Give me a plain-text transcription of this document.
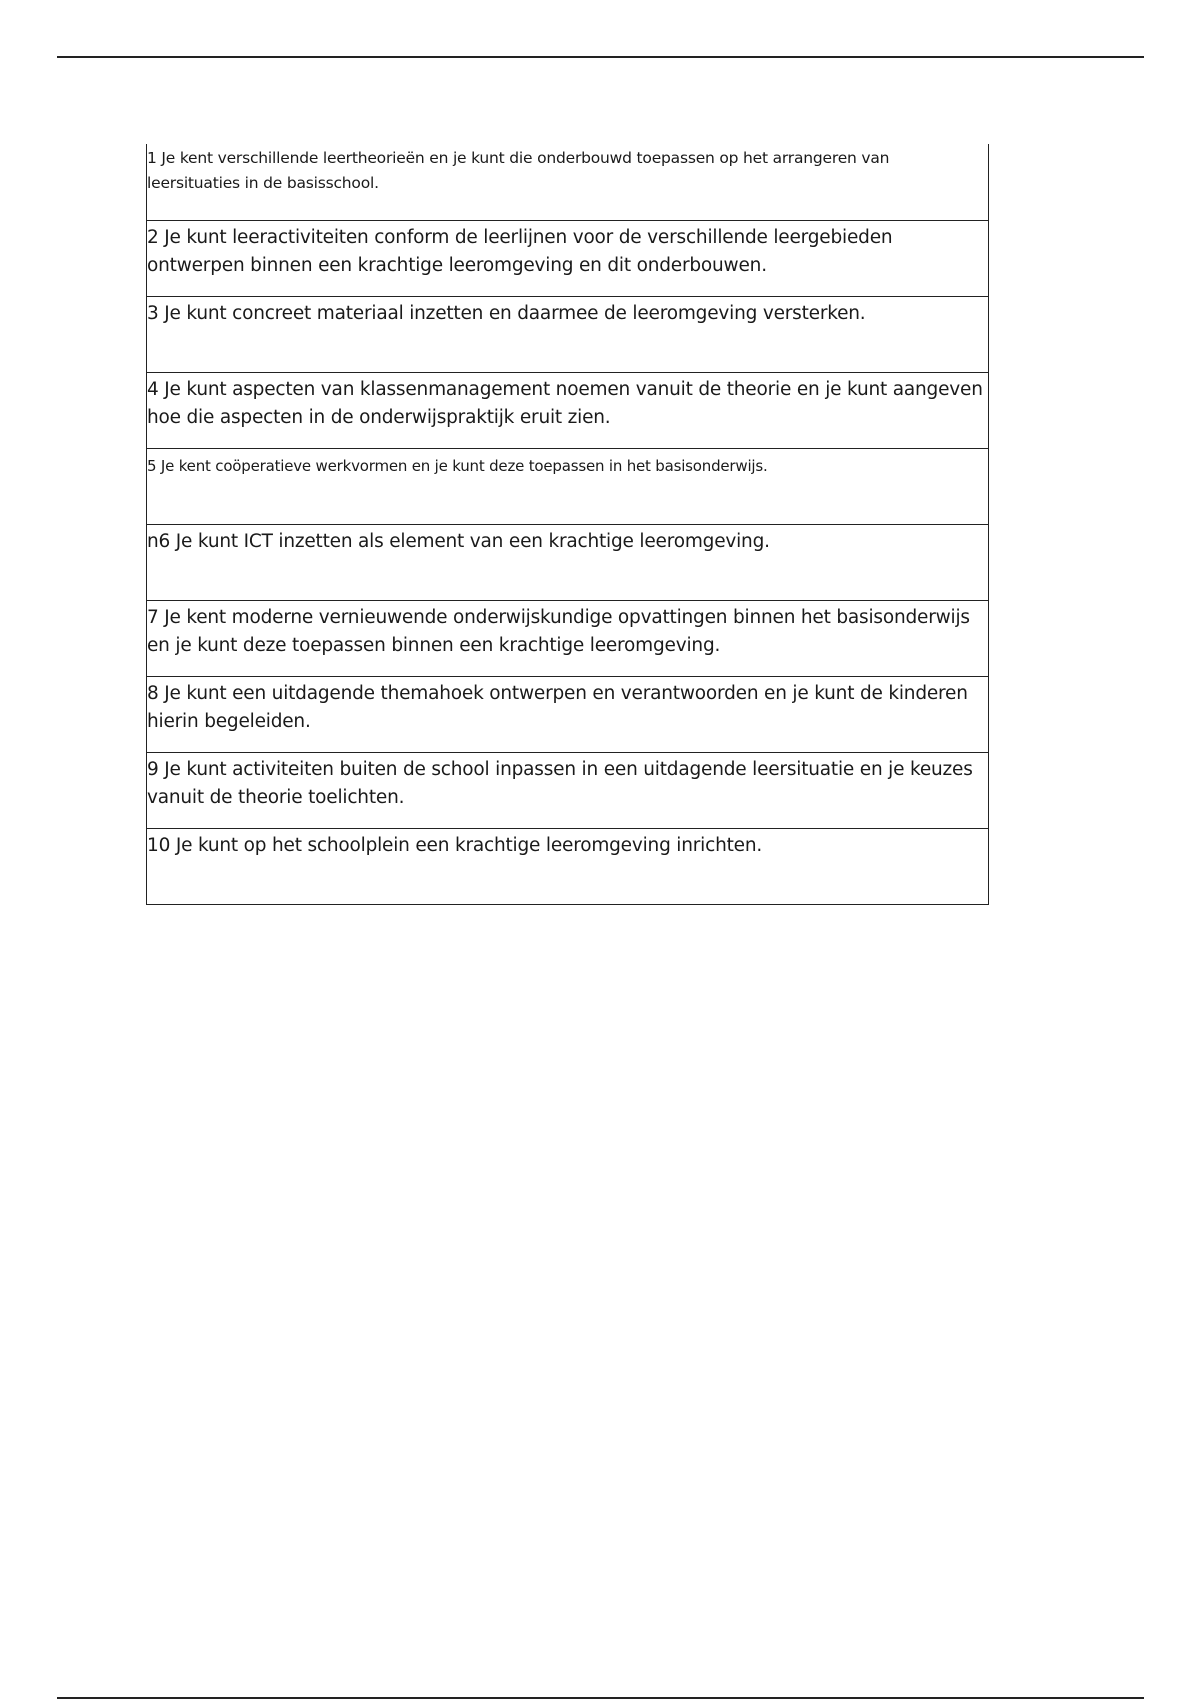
1 Je kent verschillende leertheorieën en je kunt die onderbouwd toepassen op het arrangeren van leersituaties in de basisschool.

2 Je kunt leeractiviteiten conform de leerlijnen voor de verschillende leergebieden ontwerpen binnen een krachtige leeromgeving en dit onderbouwen.

3 Je kunt concreet materiaal inzetten en daarmee de leeromgeving versterken.

4 Je kunt aspecten van klassenmanagement noemen vanuit de theorie en je kunt aangeven hoe die aspecten in de onderwijspraktijk eruit zien.

5 Je kent coöperatieve werkvormen en je kunt deze toepassen in het basisonderwijs.

n6 Je kunt ICT inzetten als element van een krachtige leeromgeving.

7 Je kent moderne vernieuwende onderwijskundige opvattingen binnen het basisonderwijs en je kunt deze toepassen binnen een krachtige leeromgeving.

8 Je kunt een uitdagende themahoek ontwerpen en verantwoorden en je kunt de kinderen hierin begeleiden.

9 Je kunt activiteiten buiten de school inpassen in een uitdagende leersituatie en je keuzes vanuit de theorie toelichten.

10 Je kunt op het schoolplein een krachtige leeromgeving inrichten.
